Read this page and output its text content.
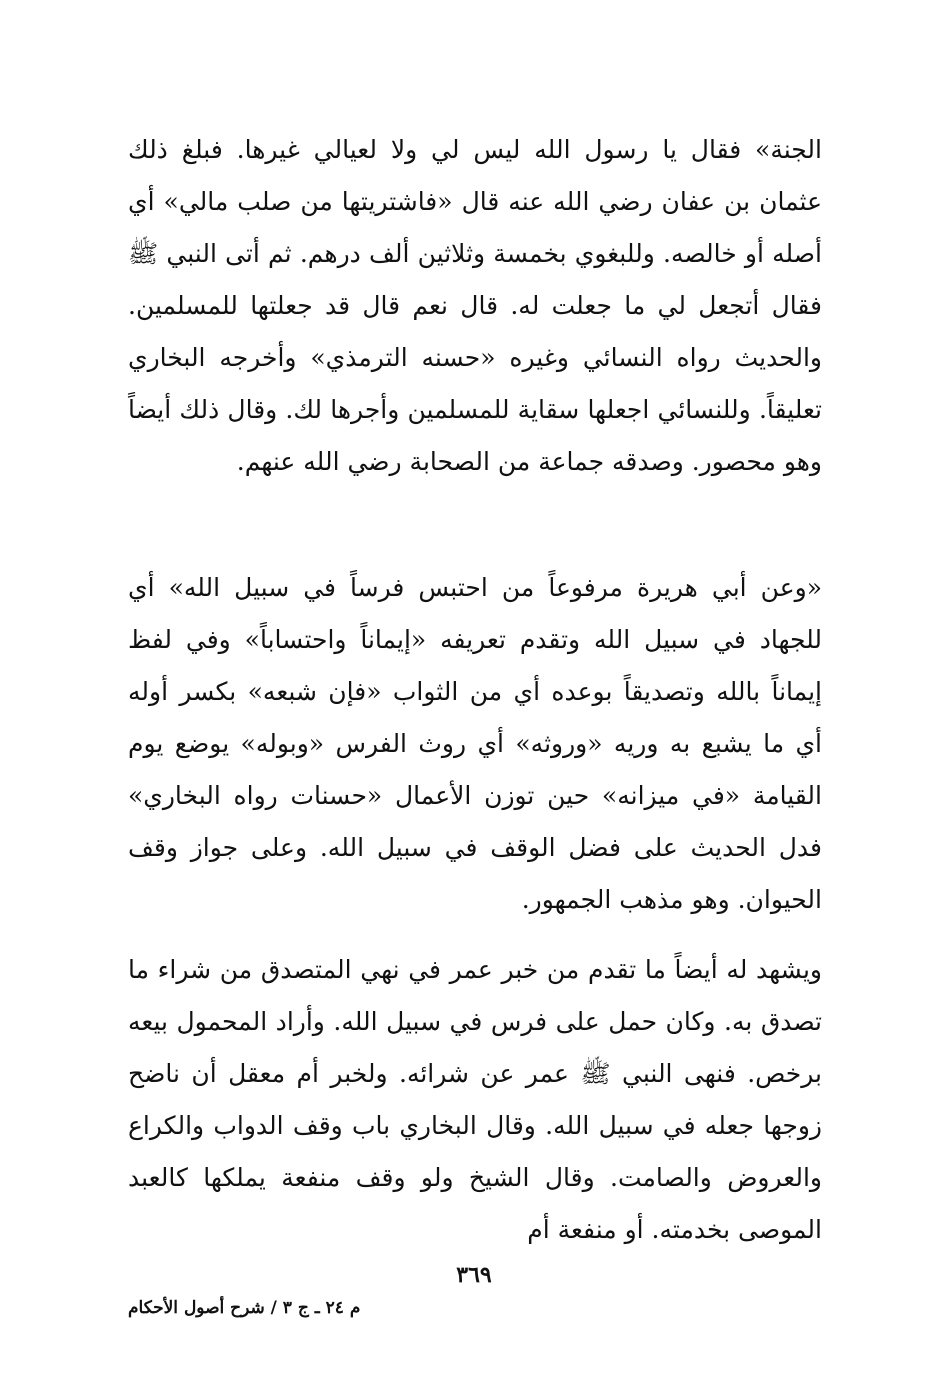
الجنة» فقال يا رسول الله ليس لي ولا لعيالي غيرها. فبلغ ذلك عثمان بن عفان رضي الله عنه قال «فاشتريتها من صلب مالي» أي أصله أو خالصه. وللبغوي بخمسة وثلاثين ألف درهم. ثم أتى النبي ﷺ فقال أتجعل لي ما جعلت له. قال نعم قال قد جعلتها للمسلمين. والحديث رواه النسائي وغيره «حسنه الترمذي» وأخرجه البخاري تعليقاً. وللنسائي اجعلها سقاية للمسلمين وأجرها لك. وقال ذلك أيضاً وهو محصور. وصدقه جماعة من الصحابة رضي الله عنهم.
«وعن أبي هريرة مرفوعاً من احتبس فرساً في سبيل الله» أي للجهاد في سبيل الله وتقدم تعريفه «إيماناً واحتساباً» وفي لفظ إيماناً بالله وتصديقاً بوعده أي من الثواب «فإن شبعه» بكسر أوله أي ما يشبع به وريه «وروثه» أي روث الفرس «وبوله» يوضع يوم القيامة «في ميزانه» حين توزن الأعمال «حسنات رواه البخاري» فدل الحديث على فضل الوقف في سبيل الله. وعلى جواز وقف الحيوان. وهو مذهب الجمهور.
ويشهد له أيضاً ما تقدم من خبر عمر في نهي المتصدق من شراء ما تصدق به. وكان حمل على فرس في سبيل الله. وأراد المحمول بيعه برخص. فنهى النبي ﷺ عمر عن شرائه. ولخبر أم معقل أن ناضح زوجها جعله في سبيل الله. وقال البخاري باب وقف الدواب والكراع والعروض والصامت. وقال الشيخ ولو وقف منفعة يملكها كالعبد الموصى بخدمته. أو منفعة أم
٣٦٩
م ٢٤ ـ ج ٣ / شرح أصول الأحكام
